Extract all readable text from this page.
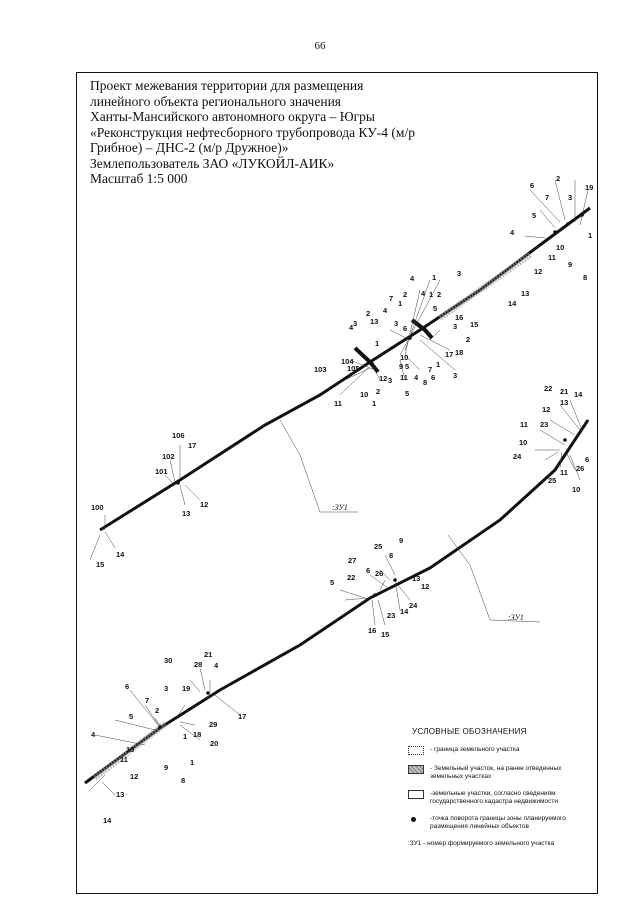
66
Проект межевания территории для размещения
линейного объекта регионального значения
Ханты-Мансийского автономного округа – Югры
«Реконструкция нефтесборного трубопровода КУ-4 (м/р
Грибное) – ДНС-2 (м/р Дружное)»
Землепользователь ЗАО «ЛУКОЙЛ-АИК»
Масштаб 1:5 000	6
2
19
7	3
5
1
4
10
11
9
12
8
13
14
3
4 1
7 2 4 1 2
1
3 13
4
2
3
5
16
3 15
4
1	2
18
6
17
104
105
10
9 5	7
1
12 3 11 4 6
8
3
10 2	5
11	1
103
106
17
102
101
13
12
100
14
15
22 21 14
13
12
11 23
10
24	6
25
11 26
10
9
25
8
27
6 26
22
5	13
12
14
24
23
16 15
21
30	28 4
6	19
3
7
2
5	17
29
1 18
20
4
10
11
9
1
12	8
13
14
:ЗУ1
:ЗУ1
УСЛОВНЫЕ ОБОЗНАЧЕНИЯ
- граница земельного участка
- Земельный участок, на ранее отведенных земельных участках
-земельные участки, согласно сведениям государственного кадастра недвижимости
-точка поворота границы зоны планируемого размещения линейных объектов
:ЗУ1 - номер формируемого земельного участка
